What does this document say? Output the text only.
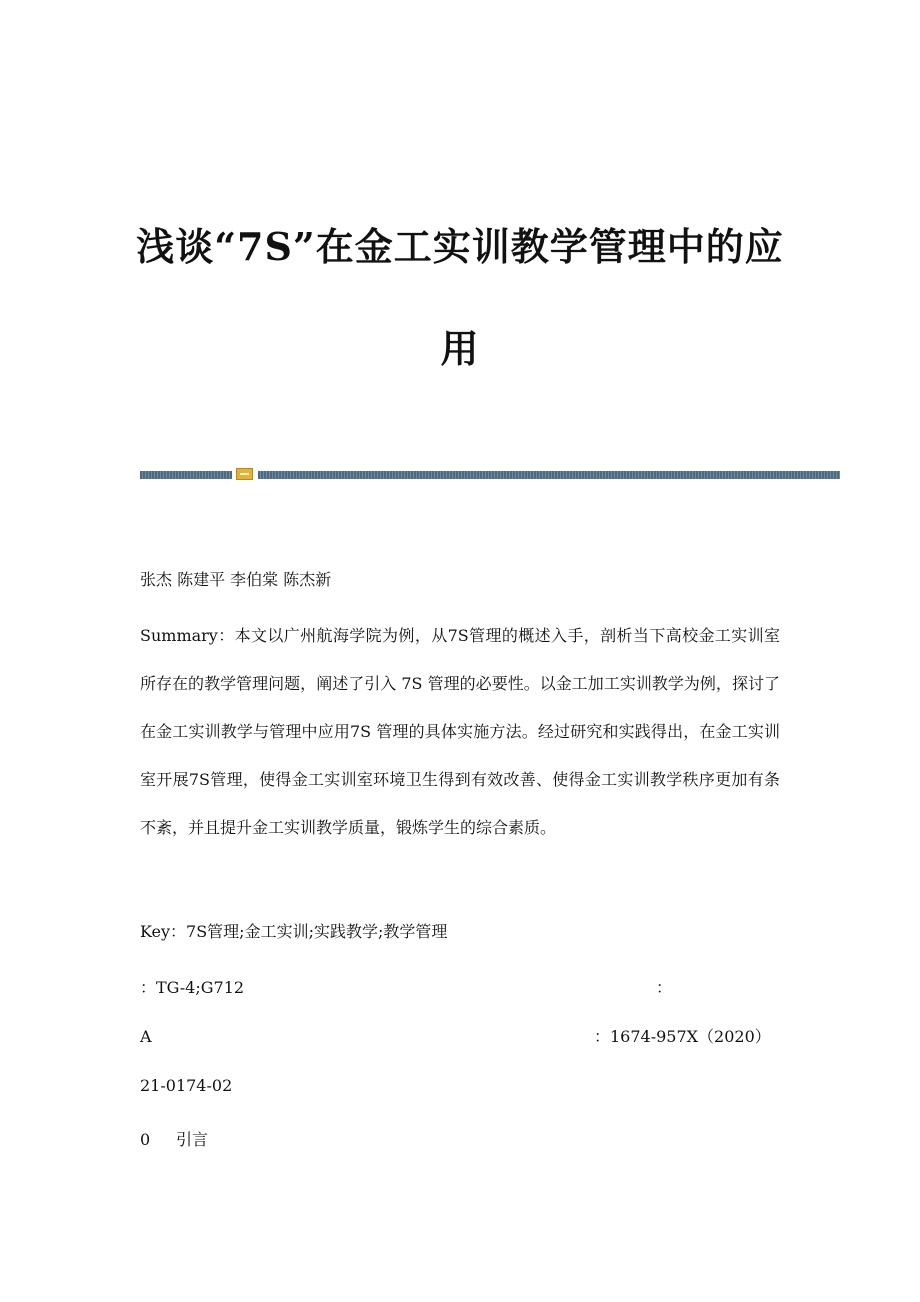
浅谈“7S”在金工实训教学管理中的应
用
张杰 陈建平 李伯棠 陈杰新

Summary：本文以广州航海学院为例，从7S管理的概述入手，剖析当下高校金工实训室所存在的教学管理问题，阐述了引入 7S 管理的必要性。以金工加工实训教学为例，探讨了在金工实训教学与管理中应用7S 管理的具体实施方法。经过研究和实践得出，在金工实训室开展7S管理，使得金工实训室环境卫生得到有效改善、使得金工实训教学秩序更加有条不紊，并且提升金工实训教学质量，锻炼学生的综合素质。

Key：7S管理;金工实训;实践教学;教学管理
：TG-4;G712	：
A	：1674-957X（2020）
21-0174-02
0 引言
